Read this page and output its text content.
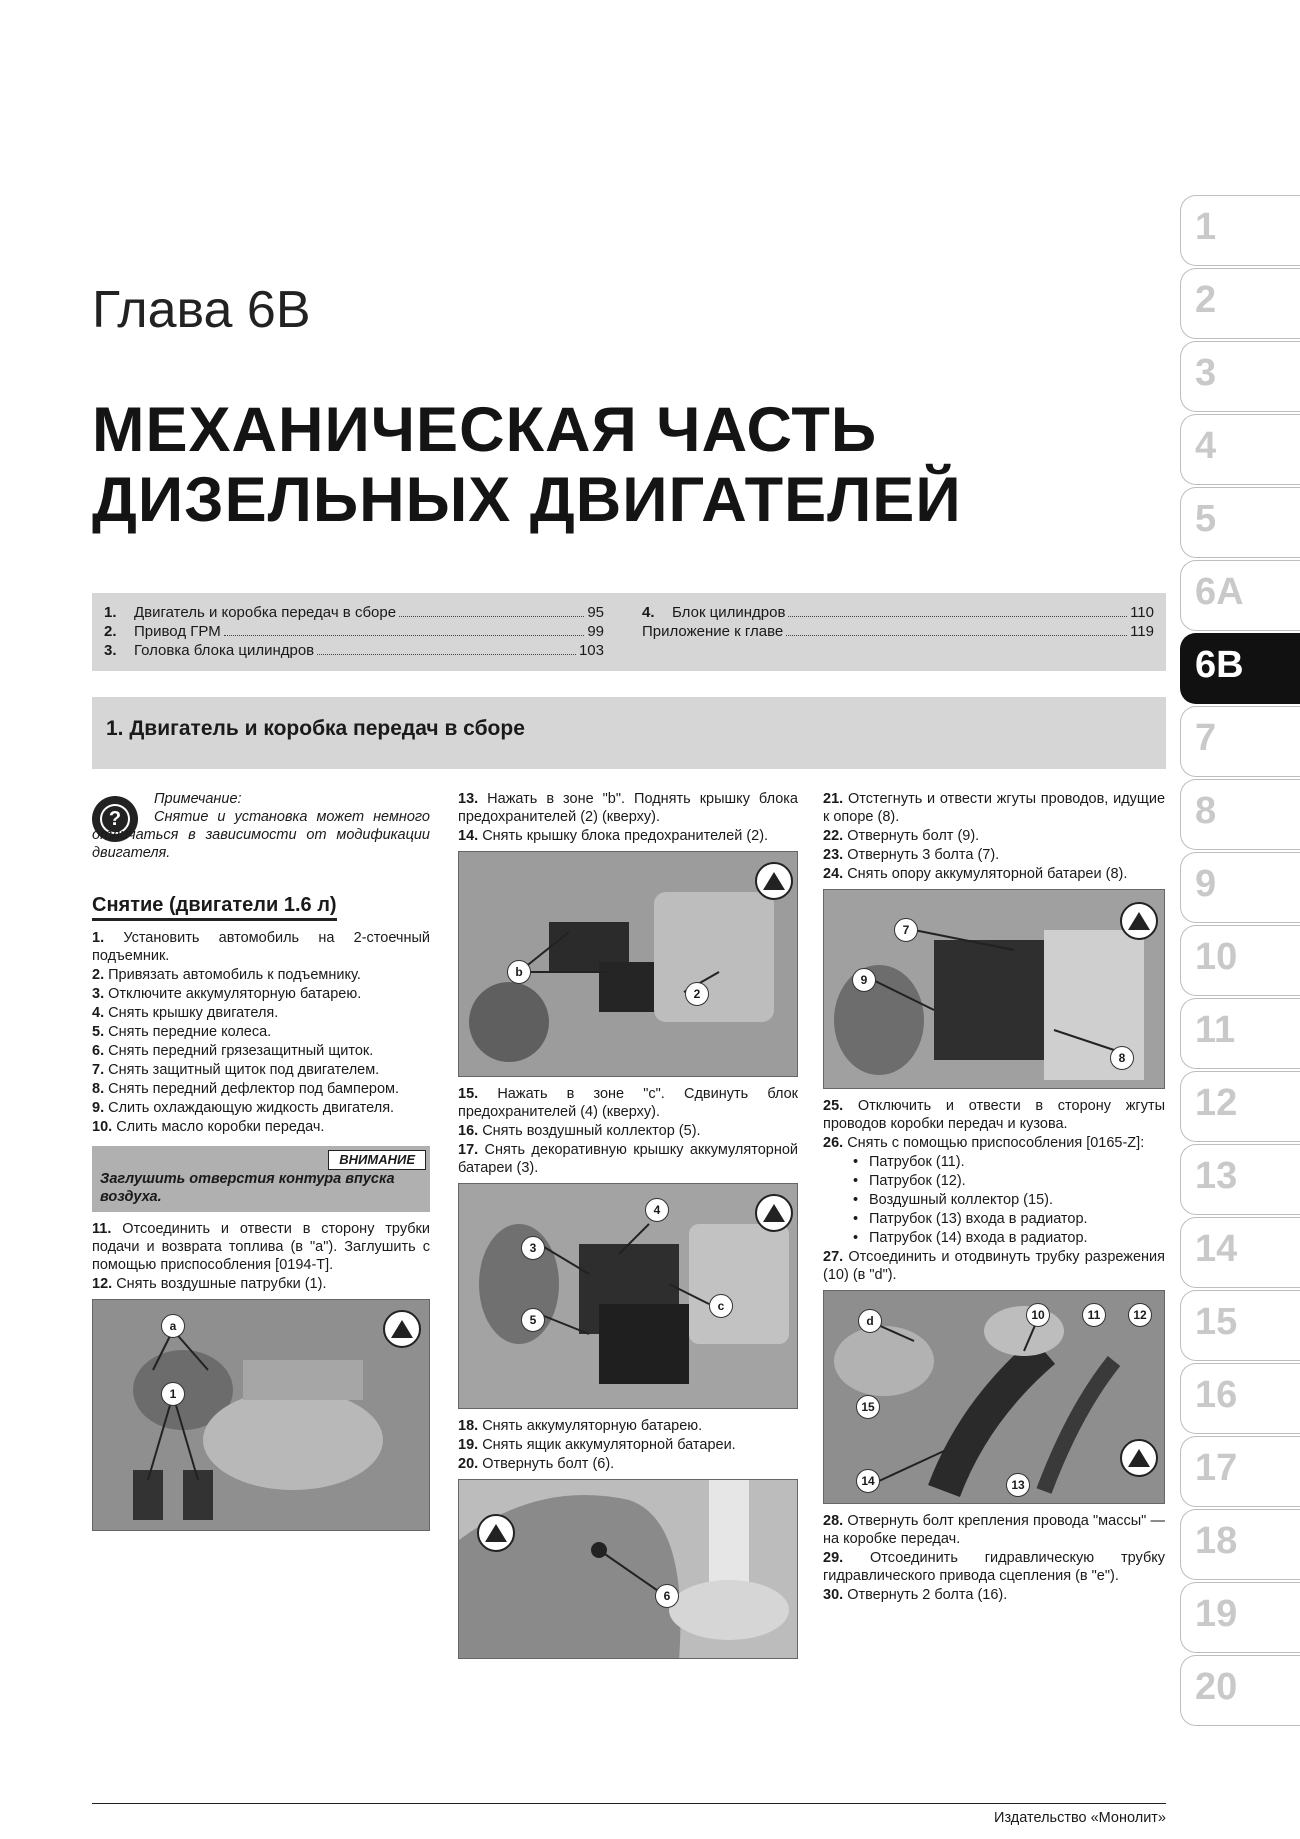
1
2
3
4
5
6A
6B
7
8
9
10
11
12
13
14
15
16
17
18
19
20
Глава 6В
МЕХАНИЧЕСКАЯ ЧАСТЬ
ДИЗЕЛЬНЫХ ДВИГАТЕЛЕЙ
1.	Двигатель и коробка передач в сборе	95
2.	Привод ГРМ	99
3.	Головка блока цилиндров	103
4.	Блок цилиндров	110
Приложение к главе	119
1. Двигатель и коробка передач в сборе
?
Примечание:
Снятие и установка может немного отличаться в зависимости от модификации двигателя.
Снятие (двигатели 1.6 л)
1. Установить автомобиль на 2-стоечный подъемник.
2. Привязать автомобиль к подъемнику.
3. Отключите аккумуляторную батарею.
4. Снять крышку двигателя.
5. Снять передние колеса.
6. Снять передний грязезащитный щиток.
7. Снять защитный щиток под двигателем.
8. Снять передний дефлектор под бампером.
9. Слить охлаждающую жидкость двигателя.
10. Слить масло коробки передач.
ВНИМАНИЕ
Заглушить отверстия контура впуска воздуха.
11. Отсоединить и отвести в сторону трубки подачи и возврата топлива (в "а"). Заглушить с помощью приспособления [0194-Т].
12. Снять воздушные патрубки (1).
a
1
13. Нажать в зоне "b". Поднять крышку блока предохранителей (2) (кверху).
14. Снять крышку блока предохранителей (2).
b
2
15. Нажать в зоне "с". Сдвинуть блок предохранителей (4) (кверху).
16. Снять воздушный коллектор (5).
17. Снять декоративную крышку аккумуляторной батареи (3).
4
3
5
c
18. Снять аккумуляторную батарею.
19. Снять ящик аккумуляторной батареи.
20. Отвернуть болт (6).
6
21. Отстегнуть и отвести жгуты проводов, идущие к опоре (8).
22. Отвернуть болт (9).
23. Отвернуть 3 болта (7).
24. Снять опору аккумуляторной батареи (8).
7
9
8
25. Отключить и отвести в сторону жгуты проводов коробки передач и кузова.
26. Снять с помощью приспособления [0165-Z]:
• Патрубок (11).
• Патрубок (12).
• Воздушный коллектор (15).
• Патрубок (13) входа в радиатор.
• Патрубок (14) входа в радиатор.
27. Отсоединить и отодвинуть трубку разрежения (10) (в "d").
d	10	11	12
15
14	13
28. Отвернуть болт крепления провода "массы" — на коробке передач.
29. Отсоединить гидравлическую трубку гидравлического привода сцепления (в "е").
30. Отвернуть 2 болта (16).
Издательство «Монолит»
